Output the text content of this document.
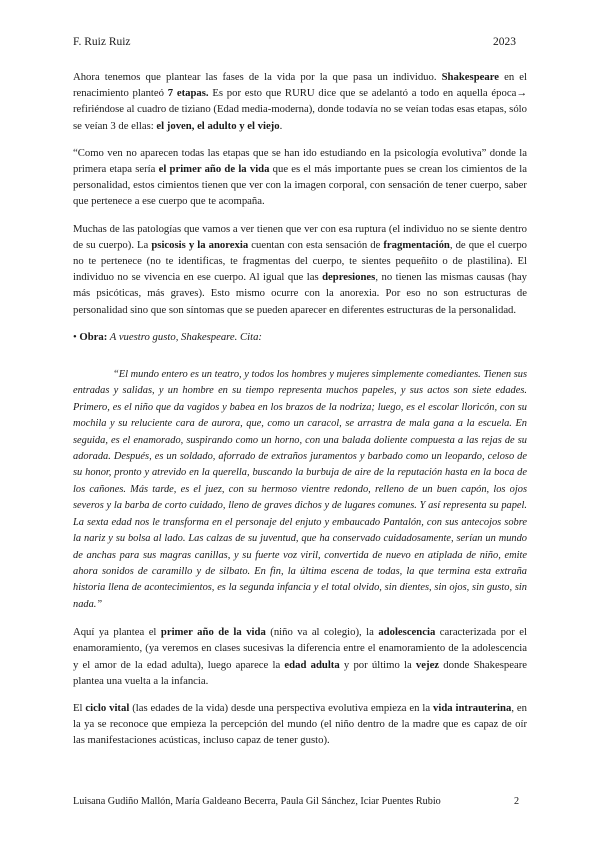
F. Ruiz Ruiz	2023

Ahora tenemos que plantear las fases de la vida por la que pasa un individuo. Shakespeare en el renacimiento planteó 7 etapas. Es por esto que RURU dice que se adelantó a todo en aquella época→ refiriéndose al cuadro de tiziano (Edad media-moderna), donde todavía no se veían todas esas etapas, sólo se veían 3 de ellas: el joven, el adulto y el viejo.

“Como ven no aparecen todas las etapas que se han ido estudiando en la psicología evolutiva” donde la primera etapa sería el primer año de la vida que es el más importante pues se crean los cimientos de la personalidad, estos cimientos tienen que ver con la imagen corporal, con sensación de tener cuerpo, saber que pertenece a ese cuerpo que te acompaña.

Muchas de las patologías que vamos a ver tienen que ver con esa ruptura (el individuo no se siente dentro de su cuerpo). La psicosis y la anorexia cuentan con esta sensación de fragmentación, de que el cuerpo no te pertenece (no te identificas, te fragmentas del cuerpo, te sientes pequeñito o de plastilina). El individuo no se vivencia en ese cuerpo. Al igual que las depresiones, no tienen las mismas causas (hay más psicóticas, más graves). Esto mismo ocurre con la anorexia. Por eso no son estructuras de personalidad sino que son síntomas que se pueden aparecer en diferentes estructuras de la personalidad.

• Obra: A vuestro gusto, Shakespeare. Cita:

“El mundo entero es un teatro, y todos los hombres y mujeres simplemente comediantes. Tienen sus entradas y salidas, y un hombre en su tiempo representa muchos papeles, y sus actos son siete edades. Primero, es el niño que da vagidos y babea en los brazos de la nodriza; luego, es el escolar lloricón, con su mochila y su reluciente cara de aurora, que, como un caracol, se arrastra de mala gana a la escuela. En seguida, es el enamorado, suspirando como un horno, con una balada doliente compuesta a las rejas de su adorada. Después, es un soldado, aforrado de extraños juramentos y barbado como un leopardo, celoso de su honor, pronto y atrevido en la querella, buscando la burbuja de aire de la reputación hasta en la boca de los cañones. Más tarde, es el juez, con su hermoso vientre redondo, relleno de un buen capón, los ojos severos y la barba de corto cuidado, lleno de graves dichos y de lugares comunes. Y así representa su papel. La sexta edad nos le transforma en el personaje del enjuto y embaucado Pantalón, con sus antecojos sobre la nariz y su bolsa al lado. Las calzas de su juventud, que ha conservado cuidadosamente, serían un mundo de anchas para sus magras canillas, y su fuerte voz viril, convertida de nuevo en atiplada de niño, emite ahora sonidos de caramillo y de silbato. En fin, la última escena de todas, la que termina esta extraña historia llena de acontecimientos, es la segunda infancia y el total olvido, sin dientes, sin ojos, sin gusto, sin nada.”

Aquí ya plantea el primer año de la vida (niño va al colegio), la adolescencia caracterizada por el enamoramiento, (ya veremos en clases sucesivas la diferencia entre el enamoramiento de la adolescencia y el amor de la edad adulta), luego aparece la edad adulta y por último la vejez donde Shakespeare plantea una vuelta a la infancia.

El ciclo vital (las edades de la vida) desde una perspectiva evolutiva empieza en la vida intrauterina, en la ya se reconoce que empieza la percepción del mundo (el niño dentro de la madre que es capaz de oír las manifestaciones acústicas, incluso capaz de tener gusto).

Luisana Gudiño Mallón, María Galdeano Becerra, Paula Gil Sánchez, Iciar Puentes Rubio	2
